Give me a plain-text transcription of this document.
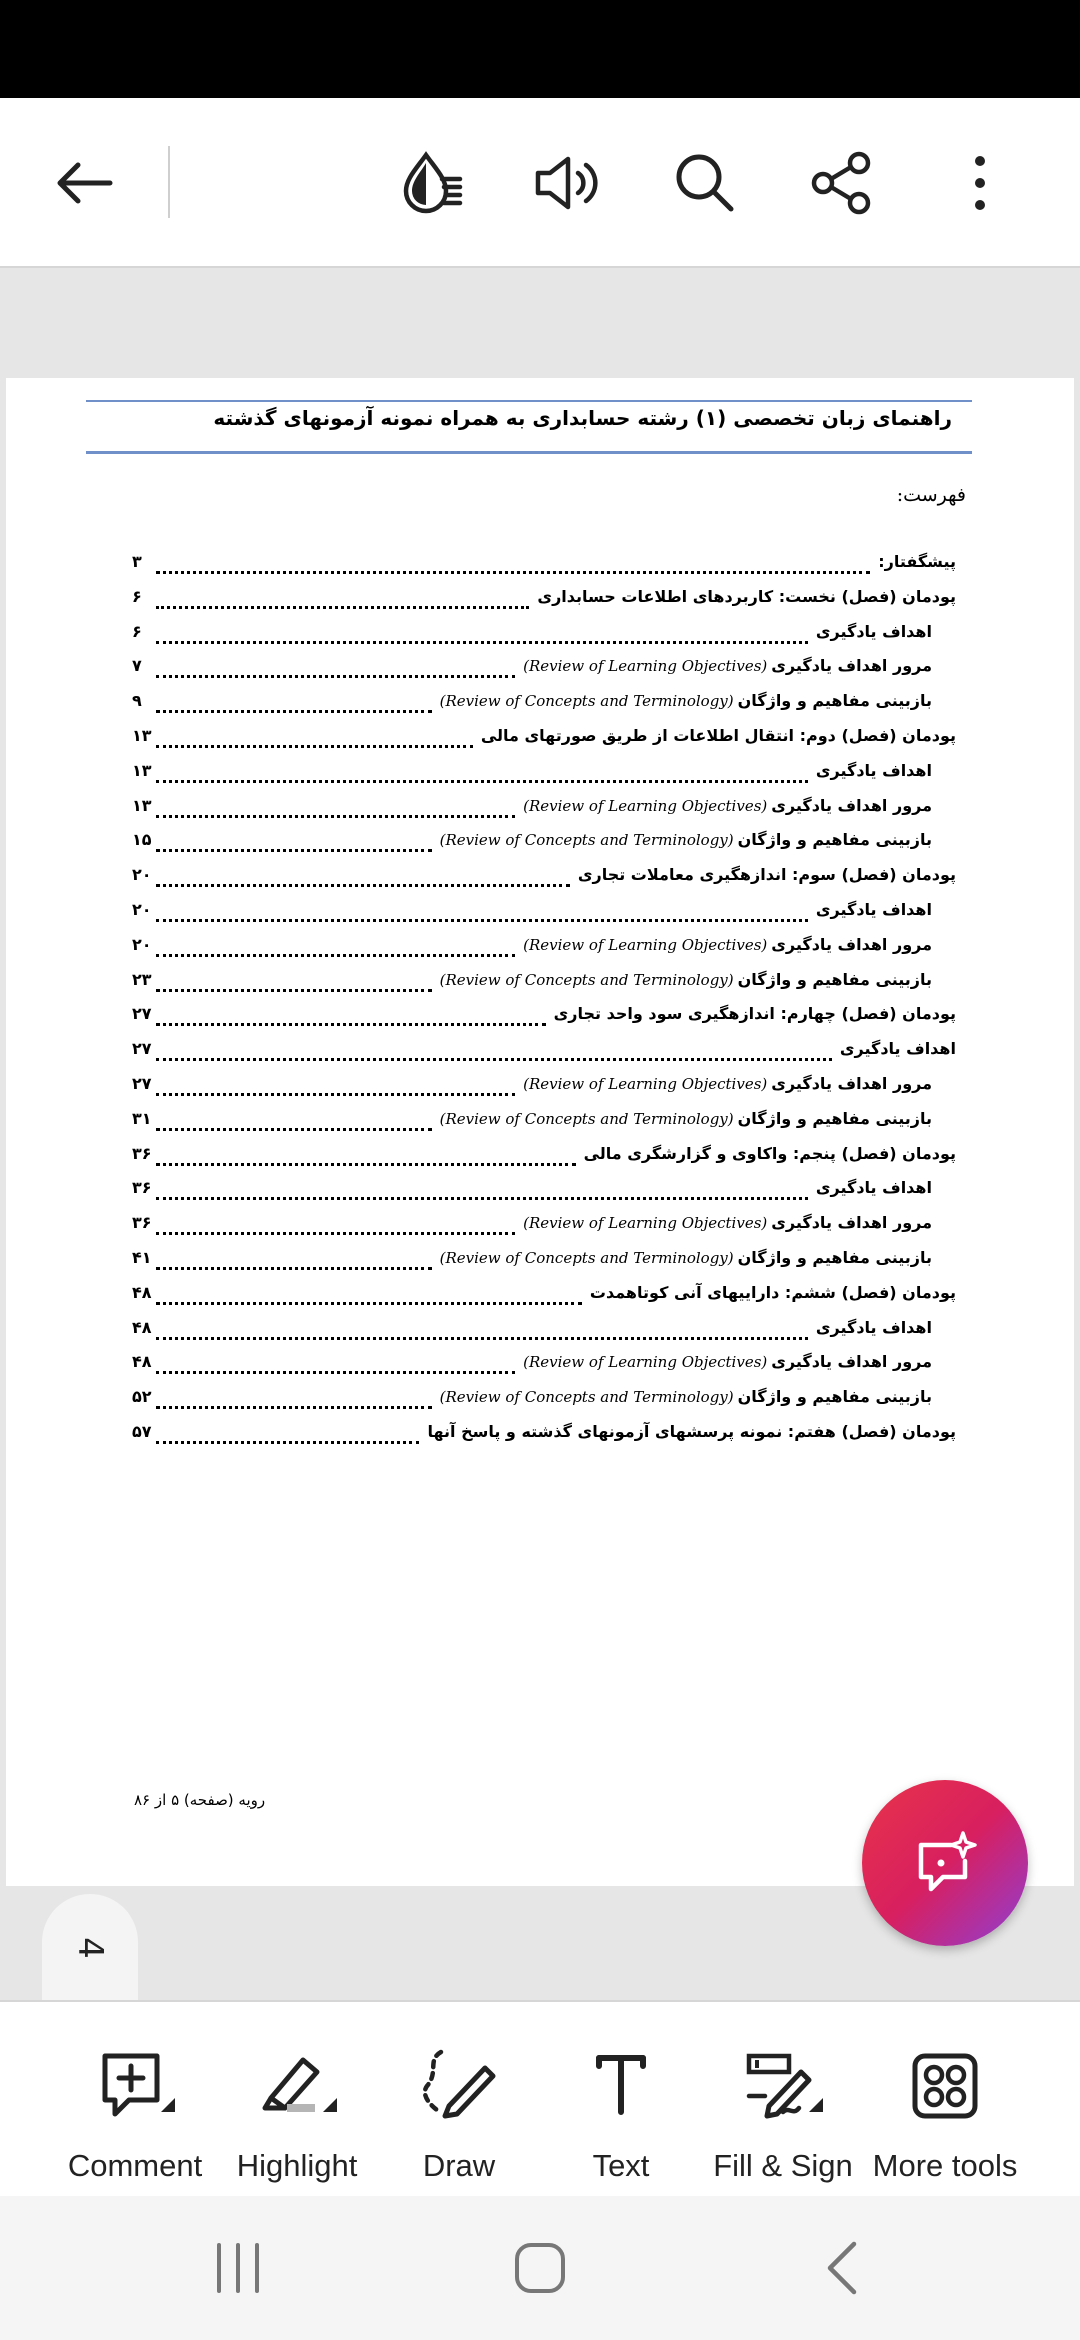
راهنمای زبان تخصصی (۱) رشته حسابداری به همراه نمونه آزمونهای گذشته
فهرست:
پیشگفتار:
۳
پودمان (فصل) نخست: کاربردهای اطلاعات حسابداری
۶
اهداف یادگیری
۶
مرور اهداف یادگیری(Review of Learning Objectives)
۷
بازبینی مفاهیم و واژگان(Review of Concepts and Terminology)
۹
پودمان (فصل) دوم: انتقال اطلاعات از طریق صورتهای مالی
۱۳
اهداف یادگیری
۱۳
مرور اهداف یادگیری(Review of Learning Objectives)
۱۳
بازبینی مفاهیم و واژگان(Review of Concepts and Terminology)
۱۵
پودمان (فصل) سوم: اندازهگیری معاملات تجاری
۲۰
اهداف یادگیری
۲۰
مرور اهداف یادگیری(Review of Learning Objectives)
۲۰
بازبینی مفاهیم و واژگان(Review of Concepts and Terminology)
۲۳
پودمان (فصل) چهارم: اندازهگیری سود واحد تجاری
۲۷
اهداف یادگیری
۲۷
مرور اهداف یادگیری(Review of Learning Objectives)
۲۷
بازبینی مفاهیم و واژگان(Review of Concepts and Terminology)
۳۱
پودمان (فصل) پنجم: واکاوی و گزارشگری مالی
۳۶
اهداف یادگیری
۳۶
مرور اهداف یادگیری(Review of Learning Objectives)
۳۶
بازبینی مفاهیم و واژگان(Review of Concepts and Terminology)
۴۱
پودمان (فصل) ششم: داراییهای آنی کوتاهمدت
۴۸
اهداف یادگیری
۴۸
مرور اهداف یادگیری(Review of Learning Objectives)
۴۸
بازبینی مفاهیم و واژگان(Review of Concepts and Terminology)
۵۲
پودمان (فصل) هفتم: نمونه پرسشهای آزمونهای گذشته و پاسخ آنها
۵۷
رویه (صفحه) ۵ از ۸۶
4
Comment Highlight Draw	Text Fill & Sign More tools
